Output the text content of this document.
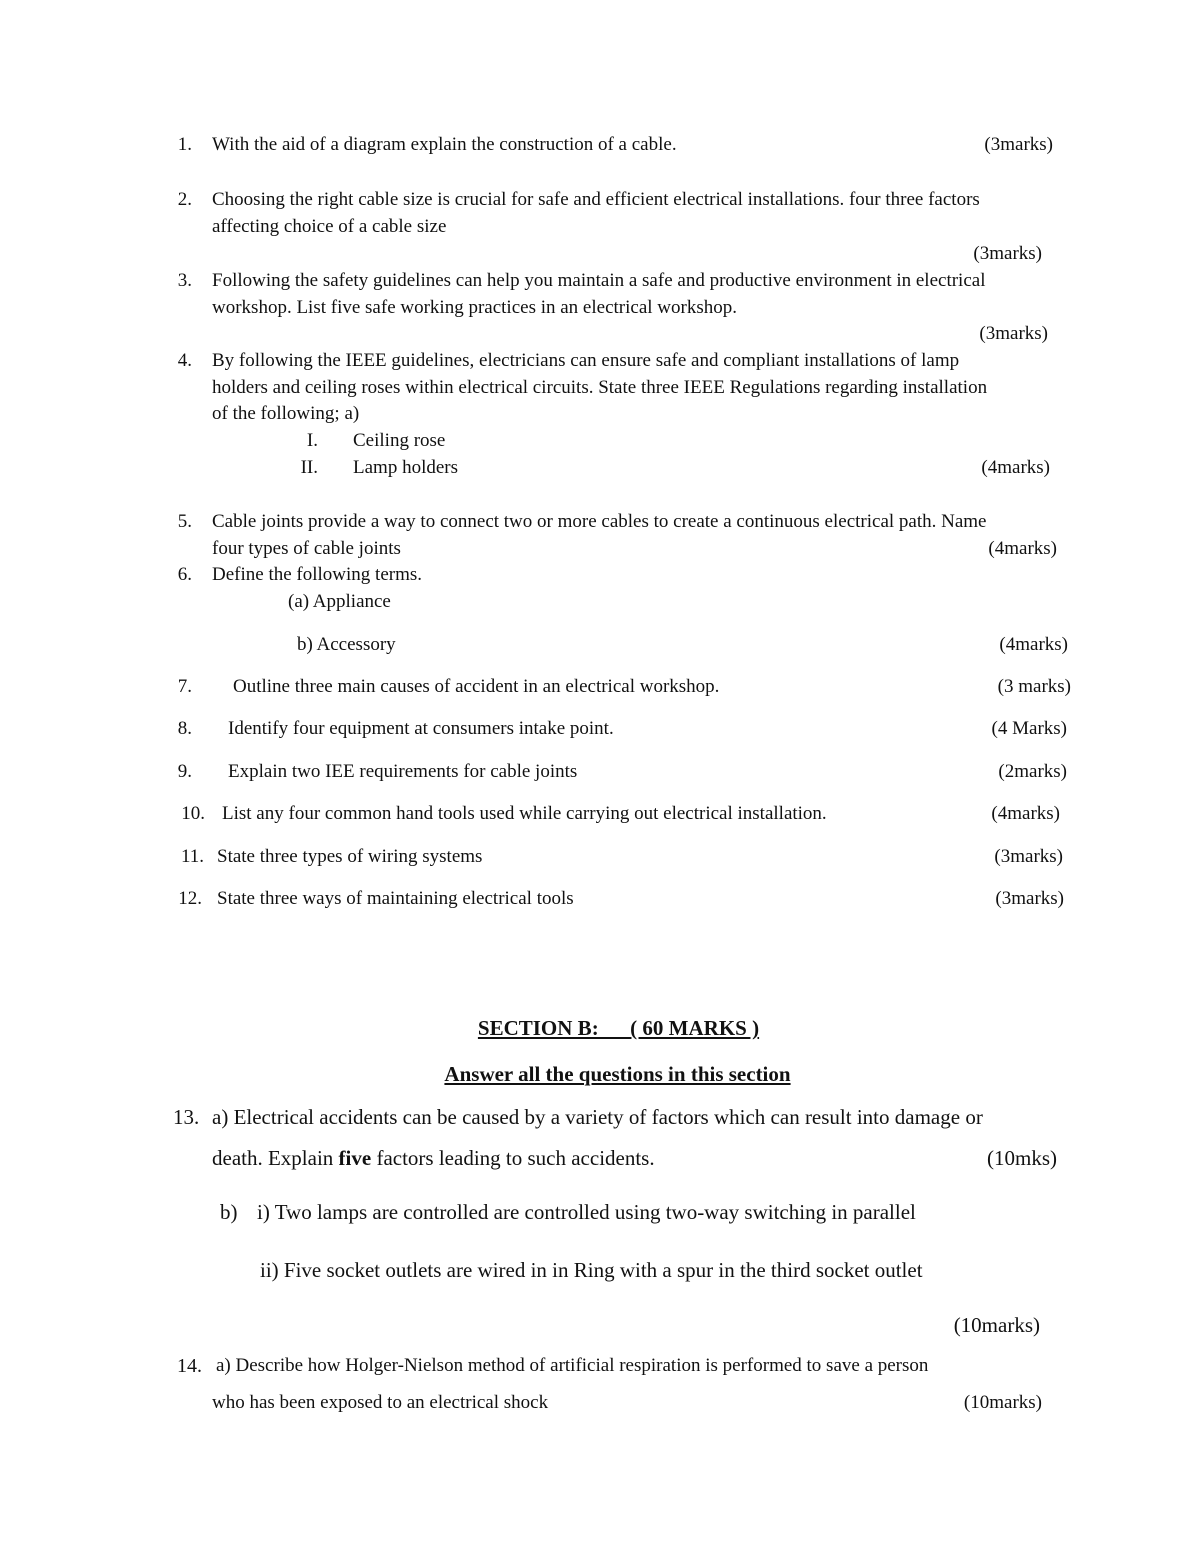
1. With the aid of a diagram explain the construction of a cable.	(3marks)
2. Choosing the right cable size is crucial for safe and efficient electrical installations. four three factors
affecting choice of a cable size
(3marks)
3. Following the safety guidelines can help you maintain a safe and productive environment in electrical
workshop. List five safe working practices in an electrical workshop.
(3marks)
4. By following the IEEE guidelines, electricians can ensure safe and compliant installations of lamp
holders and ceiling roses within electrical circuits. State three IEEE Regulations regarding installation
of the following; a)
I. Ceiling rose
II. Lamp holders	(4marks)
5. Cable joints provide a way to connect two or more cables to create a continuous electrical path. Name
four types of cable joints	(4marks)
6. Define the following terms.
(a) Appliance
b) Accessory	(4marks)
7. Outline three main causes of accident in an electrical workshop.	(3 marks)
8. Identify four equipment at consumers intake point.	(4 Marks)
9. Explain two IEE requirements for cable joints	(2marks)
10. List any four common hand tools used while carrying out electrical installation.	(4marks)
11. State three types of wiring systems	(3marks)
12. State three ways of maintaining electrical tools	(3marks)
SECTION B:      ( 60 MARKS )
Answer all the questions in this section
13. a) Electrical accidents can be caused by a variety of factors which can result into damage or
death. Explain five factors leading to such accidents.	(10mks)
b) i) Two lamps are controlled are controlled using two-way switching in parallel
ii) Five socket outlets are wired in in Ring with a spur in the third socket outlet
(10marks)
14. a) Describe how Holger-Nielson method of artificial respiration is performed to save a person
who has been exposed to an electrical shock	(10marks)
